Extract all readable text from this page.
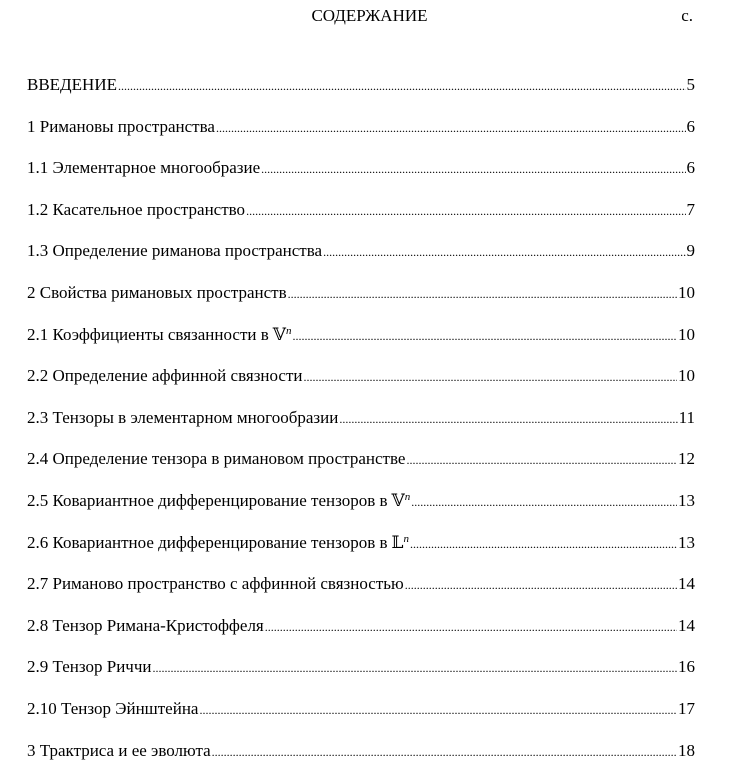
СОДЕРЖАНИЕ	с.
ВВЕДЕНИЕ .....	5
1 Римановы пространства .....	6
1.1 Элементарное многообразие .....	6
1.2 Касательное пространство .....	7
1.3 Определение риманова пространства .....	9
2 Свойства римановых пространств .....	10
2.1 Коэффициенты связанности в 𝕍$^n$ .....	10
2.2 Определение аффинной связности .....	10
2.3 Тензоры в элементарном многообразии .....	11
2.4 Определение тензора в римановом пространстве .....	12
2.5 Ковариантное дифференцирование тензоров в 𝕍$^n$ .....	13
2.6 Ковариантное дифференцирование тензоров в 𝕃$^n$ .....	13
2.7 Риманово пространство с аффинной связностью .....	14
2.8 Тензор Римана-Кристоффеля .....	14
2.9 Тензор Риччи .....	16
2.10 Тензор Эйнштейна .....	17
3 Трактриса и ее эволюта .....	18
